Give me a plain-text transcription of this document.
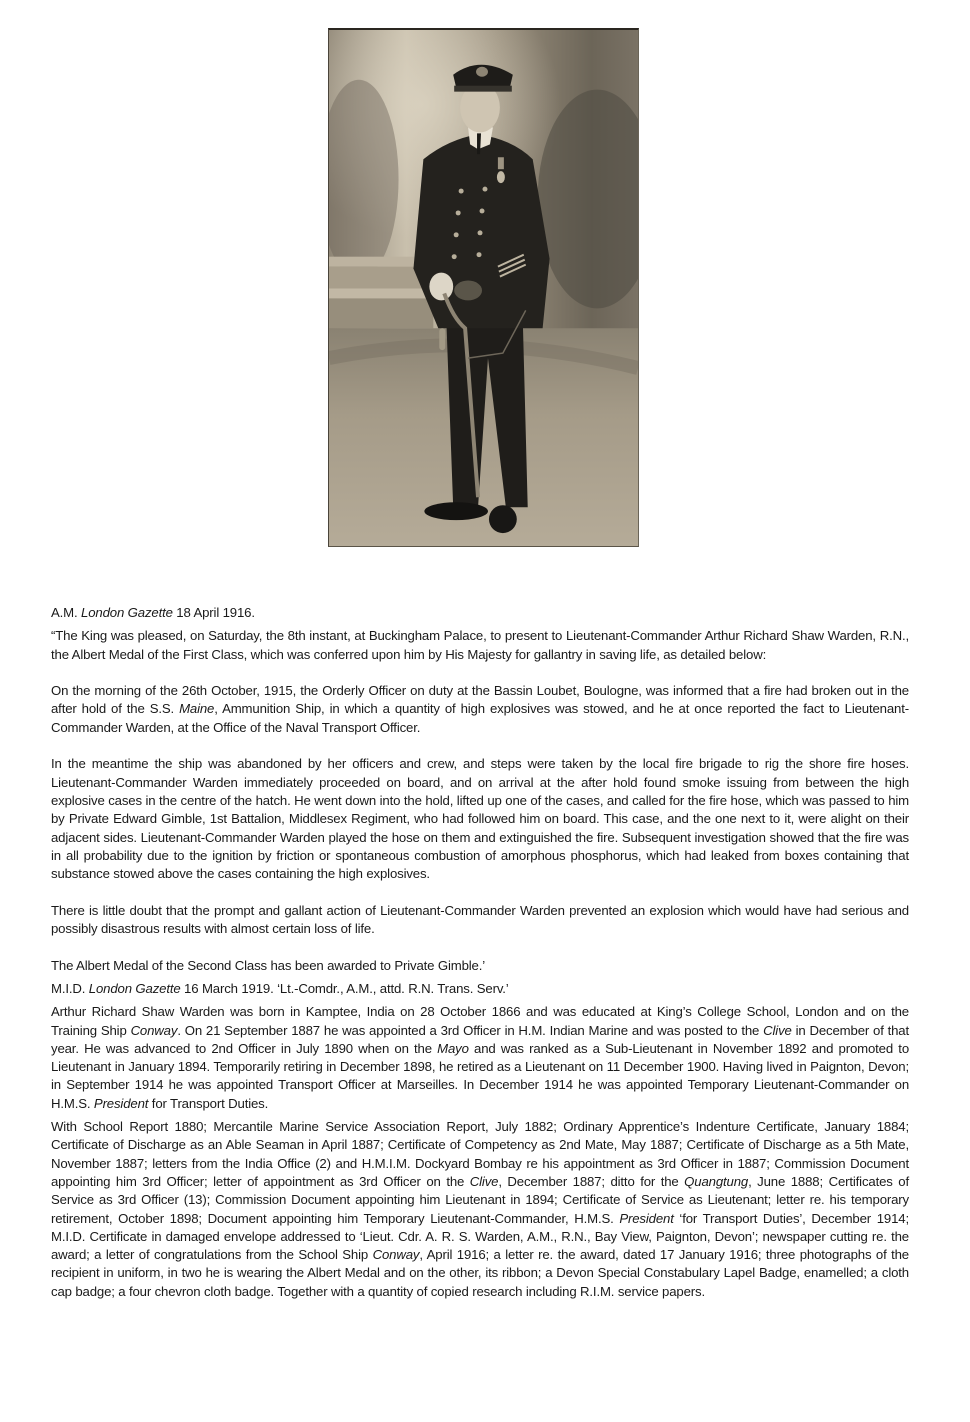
A.M. London Gazette 18 April 1916.

“The King was pleased, on Saturday, the 8th instant, at Buckingham Palace, to present to Lieutenant-Commander Arthur Richard Shaw Warden, R.N., the Albert Medal of the First Class, which was conferred upon him by His Majesty for gallantry in saving life, as detailed below:

On the morning of the 26th October, 1915, the Orderly Officer on duty at the Bassin Loubet, Boulogne, was informed that a fire had broken out in the after hold of the S.S. Maine, Ammunition Ship, in which a quantity of high explosives was stowed, and he at once reported the fact to Lieutenant-Commander Warden, at the Office of the Naval Transport Officer.

In the meantime the ship was abandoned by her officers and crew, and steps were taken by the local fire brigade to rig the shore fire hoses. Lieutenant-Commander Warden immediately proceeded on board, and on arrival at the after hold found smoke issuing from between the high explosive cases in the centre of the hatch. He went down into the hold, lifted up one of the cases, and called for the fire hose, which was passed to him by Private Edward Gimble, 1st Battalion, Middlesex Regiment, who had followed him on board. This case, and the one next to it, were alight on their adjacent sides. Lieutenant-Commander Warden played the hose on them and extinguished the fire. Subsequent investigation showed that the fire was in all probability due to the ignition by friction or spontaneous combustion of amorphous phosphorus, which had leaked from boxes containing that substance stowed above the cases containing the high explosives.

There is little doubt that the prompt and gallant action of Lieutenant-Commander Warden prevented an explosion which would have had serious and possibly disastrous results with almost certain loss of life.

The Albert Medal of the Second Class has been awarded to Private Gimble.’

M.I.D. London Gazette 16 March 1919. ‘Lt.-Comdr., A.M., attd. R.N. Trans. Serv.’

Arthur Richard Shaw Warden was born in Kamptee, India on 28 October 1866 and was educated at King’s College School, London and on the Training Ship Conway. On 21 September 1887 he was appointed a 3rd Officer in H.M. Indian Marine and was posted to the Clive in December of that year. He was advanced to 2nd Officer in July 1890 when on the Mayo and was ranked as a Sub-Lieutenant in November 1892 and promoted to Lieutenant in January 1894. Temporarily retiring in December 1898, he retired as a Lieutenant on 11 December 1900. Having lived in Paignton, Devon; in September 1914 he was appointed Transport Officer at Marseilles. In December 1914 he was appointed Temporary Lieutenant-Commander on H.M.S. President for Transport Duties.

With School Report 1880; Mercantile Marine Service Association Report, July 1882; Ordinary Apprentice’s Indenture Certificate, January 1884; Certificate of Discharge as an Able Seaman in April 1887; Certificate of Competency as 2nd Mate, May 1887; Certificate of Discharge as a 5th Mate, November 1887; letters from the India Office (2) and H.M.I.M. Dockyard Bombay re his appointment as 3rd Officer in 1887; Commission Document appointing him 3rd Officer; letter of appointment as 3rd Officer on the Clive, December 1887; ditto for the Quangtung, June 1888; Certificates of Service as 3rd Officer (13); Commission Document appointing him Lieutenant in 1894; Certificate of Service as Lieutenant; letter re. his temporary retirement, October 1898; Document appointing him Temporary Lieutenant-Commander, H.M.S. President ‘for Transport Duties’, December 1914; M.I.D. Certificate in damaged envelope addressed to ‘Lieut. Cdr. A. R. S. Warden, A.M., R.N., Bay View, Paignton, Devon’; newspaper cutting re. the award; a letter of congratulations from the School Ship Conway, April 1916; a letter re. the award, dated 17 January 1916; three photographs of the recipient in uniform, in two he is wearing the Albert Medal and on the other, its ribbon; a Devon Special Constabulary Lapel Badge, enamelled; a cloth cap badge; a four chevron cloth badge. Together with a quantity of copied research including R.I.M. service papers.
